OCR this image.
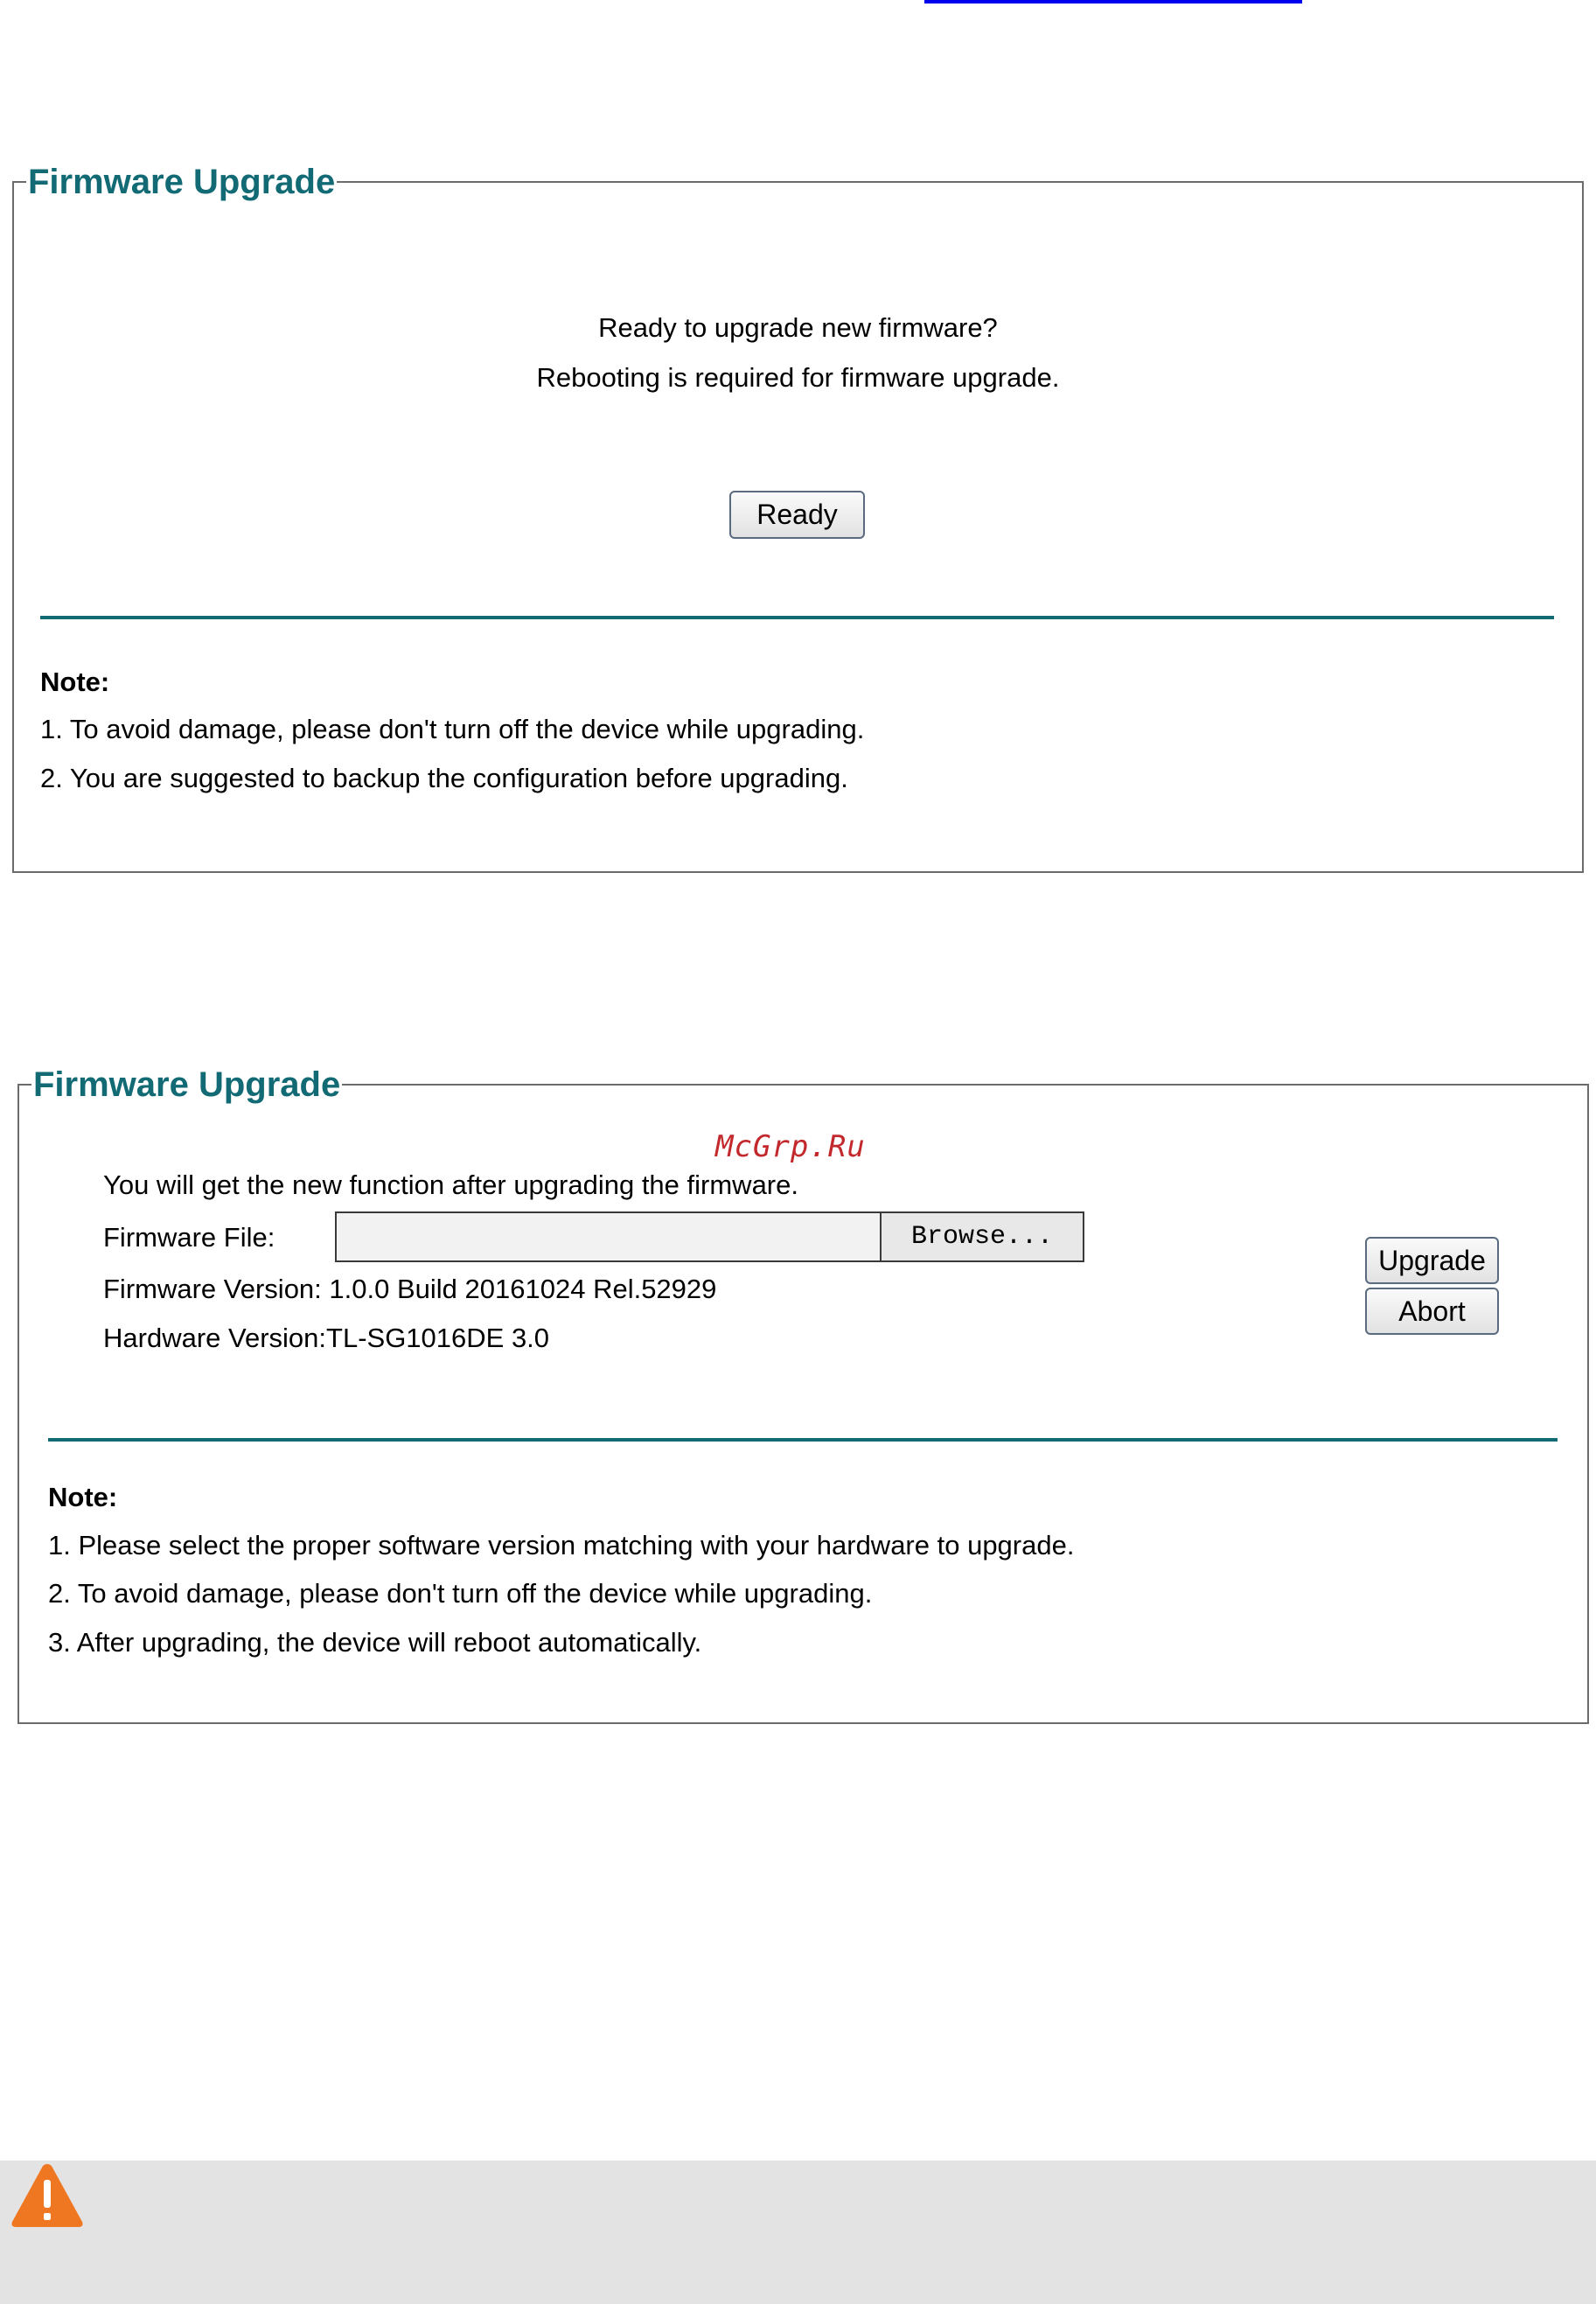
Firmware Upgrade
Ready to upgrade new firmware?
Rebooting is required for firmware upgrade.
Ready
Note:
1. To avoid damage, please don't turn off the device while upgrading.
2. You are suggested to backup the configuration before upgrading.
Firmware Upgrade
McGrp.Ru
You will get the new function after upgrading the firmware.
Firmware File:	Browse...
Firmware Version: 1.0.0 Build 20161024 Rel.52929
Hardware Version:TL-SG1016DE 3.0
Upgrade
Abort
Note:
1. Please select the proper software version matching with your hardware to upgrade.
2. To avoid damage, please don't turn off the device while upgrading.
3. After upgrading, the device will reboot automatically.
